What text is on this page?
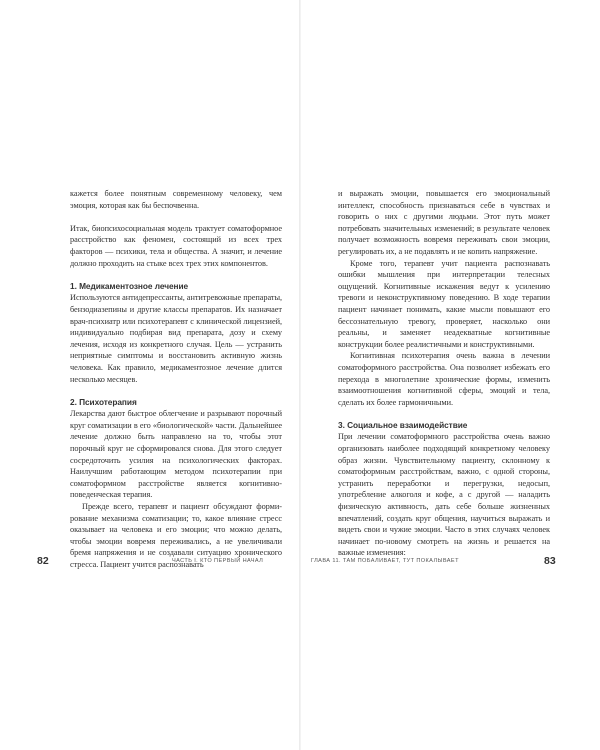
кажется более понятным современному человеку, чем эмоция, которая как бы беспочвенна.

Итак, биопсихосоциальная модель трактует соматоформное расстройство как феномен, состоящий из всех трех факторов — психики, тела и общества. А значит, и лечение должно проходить на стыке всех трех этих компонентов.

1. Медикаментозное лечение

Используются антидепрессанты, антитревожные препараты, бензодиазепины и другие классы препаратов. Их назначает врач-психиатр или психотерапевт с клинической лицензией, индивидуально подбирая вид препарата, дозу и схему лечения, исходя из конкретного случая. Цель — устранить неприятные симптомы и восстановить активную жизнь человека. Как правило, медикаментозное лечение длится несколько месяцев.

2. Психотерапия

Лекарства дают быстрое облегчение и разрывают порочный круг соматизации в его «биологической» части. Дальнейшее лечение должно быть направлено на то, чтобы этот порочный круг не сформировался снова. Для этого следует сосредоточить усилия на психологических факторах. Наилучшим работающим методом психотерапии при соматоформном расстройстве является когнитивно-поведенческая терапия.

Прежде всего, терапевт и пациент обсуждают формирование механизма соматизации; то, какое влияние стресс оказывает на человека и его эмоции; что можно делать, чтобы эмоции вовремя переживались, а не увеличивали бремя напряжения и не создавали ситуацию хронического стресса. Пациент учится распознавать

82	ЧАСТЬ I. КТО ПЕРВЫЙ НАЧАЛ

и выражать эмоции, повышается его эмоциональный интеллект, способность признаваться себе в чувствах и говорить о них с другими людьми. Этот путь может потребовать значительных изменений; в результате человек получает возможность вовремя переживать свои эмоции, регулировать их, а не подавлять и не копить напряжение.

Кроме того, терапевт учит пациента распознавать ошибки мышления при интерпретации телесных ощущений. Когнитивные искажения ведут к усилению тревоги и неконструктивному поведению. В ходе терапии пациент начинает понимать, какие мысли повышают его бессознательную тревогу, проверяет, насколько они реальны, и заменяет неадекватные когнитивные конструкции более реалистичными и конструктивными.

Когнитивная психотерапия очень важна в лечении соматоформного расстройства. Она позволяет избежать его перехода в многолетние хронические формы, изменить взаимоотношения когнитивной сферы, эмоций и тела, сделать их более гармоничными.

3. Социальное взаимодействие

При лечении соматоформного расстройства очень важно организовать наиболее подходящий конкретному человеку образ жизни. Чувствительному пациенту, склонному к соматоформным расстройствам, важно, с одной стороны, устранить переработки и перегрузки, недосып, употребление алкоголя и кофе, а с другой — наладить физическую активность, дать себе больше жизненных впечатлений, создать круг общения, научиться выражать и видеть свои и чужие эмоции. Часто в этих случаях человек начинает по-новому смотреть на жизнь и решается на важные изменения:

ГЛАВА 11. ТАМ ПОБАЛИВАЕТ, ТУТ ПОКАЛЫВАЕТ	83
